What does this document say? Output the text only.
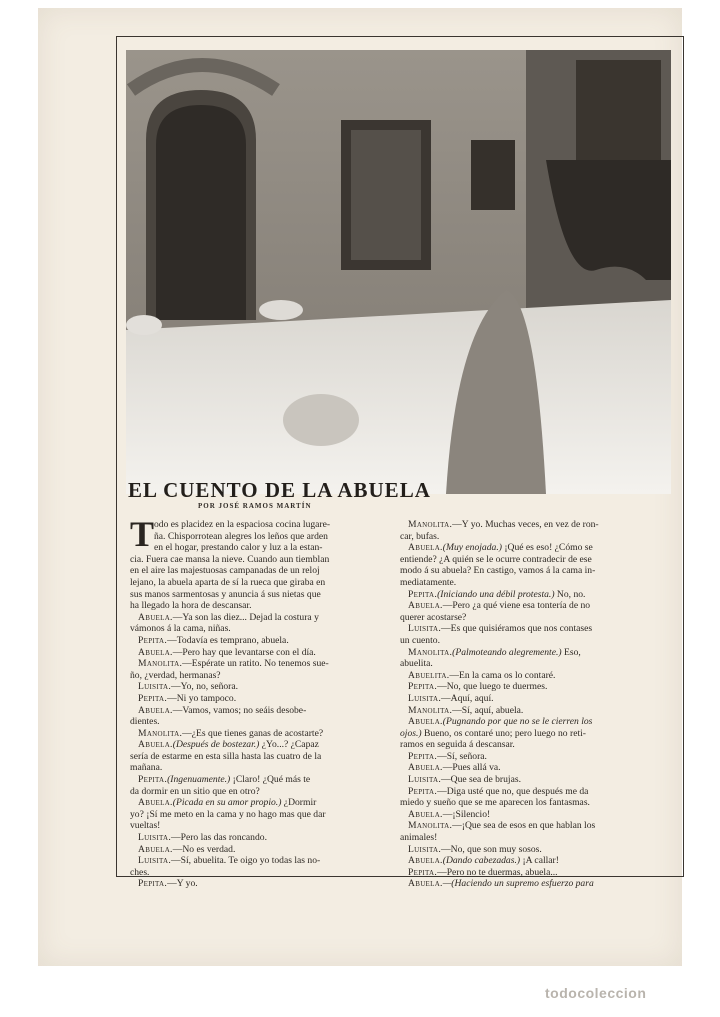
EL CUENTO DE LA ABUELA
POR JOSÉ RAMOS MARTÍN
T odo es placidez en la espaciosa cocina lugare-
ña. Chisporrotean alegres los leños que arden
en el hogar, prestando calor y luz a la estan-
cia. Fuera cae mansa la nieve. Cuando aun tiemblan
en el aire las majestuosas campanadas de un reloj
lejano, la abuela aparta de sí la rueca que giraba en
sus manos sarmentosas y anuncia á sus nietas que
ha llegado la hora de descansar.
Abuela.—Ya son las diez... Dejad la costura y
vámonos á la cama, niñas.
Pepita.—Todavía es temprano, abuela.
Abuela.—Pero hay que levantarse con el día.
Manolita.—Espérate un ratito. No tenemos sue-
ño, ¿verdad, hermanas?
Luisita.—Yo, no, señora.
Pepita.—Ni yo tampoco.
Abuela.—Vamos, vamos; no seáis desobe-
dientes.
Manolita.—¿Es que tienes ganas de acostarte?
Abuela.(Después de bostezar.) ¿Yo...? ¿Capaz
sería de estarme en esta silla hasta las cuatro de la
mañana.
Pepita.(Ingenuamente.) ¡Claro! ¿Qué más te
da dormir en un sitio que en otro?
Abuela.(Picada en su amor propio.) ¿Dormir
yo? ¡Sí me meto en la cama y no hago mas que dar
vueltas!
Luisita.—Pero las das roncando.
Abuela.—No es verdad.
Luisita.—Sí, abuelita. Te oigo yo todas las no-
ches.
Pepita.—Y yo.
Manolita.—Y yo. Muchas veces, en vez de ron-
car, bufas.
Abuela.(Muy enojada.) ¡Qué es eso! ¿Cómo se
entiende? ¿A quién se le ocurre contradecir de ese
modo á su abuela? En castigo, vamos á la cama in-
mediatamente.
Pepita.(Iniciando una débil protesta.) No, no.
Abuela.—Pero ¿a qué viene esa tontería de no
querer acostarse?
Luisita.—Es que quisiéramos que nos contases
un cuento.
Manolita.(Palmoteando alegremente.) Eso,
abuelita.
Abuelita.—En la cama os lo contaré.
Pepita.—No, que luego te duermes.
Luisita.—Aquí, aquí.
Manolita.—Sí, aquí, abuela.
Abuela.(Pugnando por que no se le cierren los
ojos.) Bueno, os contaré uno; pero luego no reti-
ramos en seguida á descansar.
Pepita.—Sí, señora.
Abuela.—Pues allá va.
Luisita.—Que sea de brujas.
Pepita.—Diga usté que no, que después me da
miedo y sueño que se me aparecen los fantasmas.
Abuela.—¡Silencio!
Manolita.—¡Que sea de esos en que hablan los
animales!
Luisita.—No, que son muy sosos.
Abuela.(Dando cabezadas.) ¡A callar!
Pepita.—Pero no te duermas, abuela...
Abuela.—(Haciendo un supremo esfuerzo para
todocoleccion
